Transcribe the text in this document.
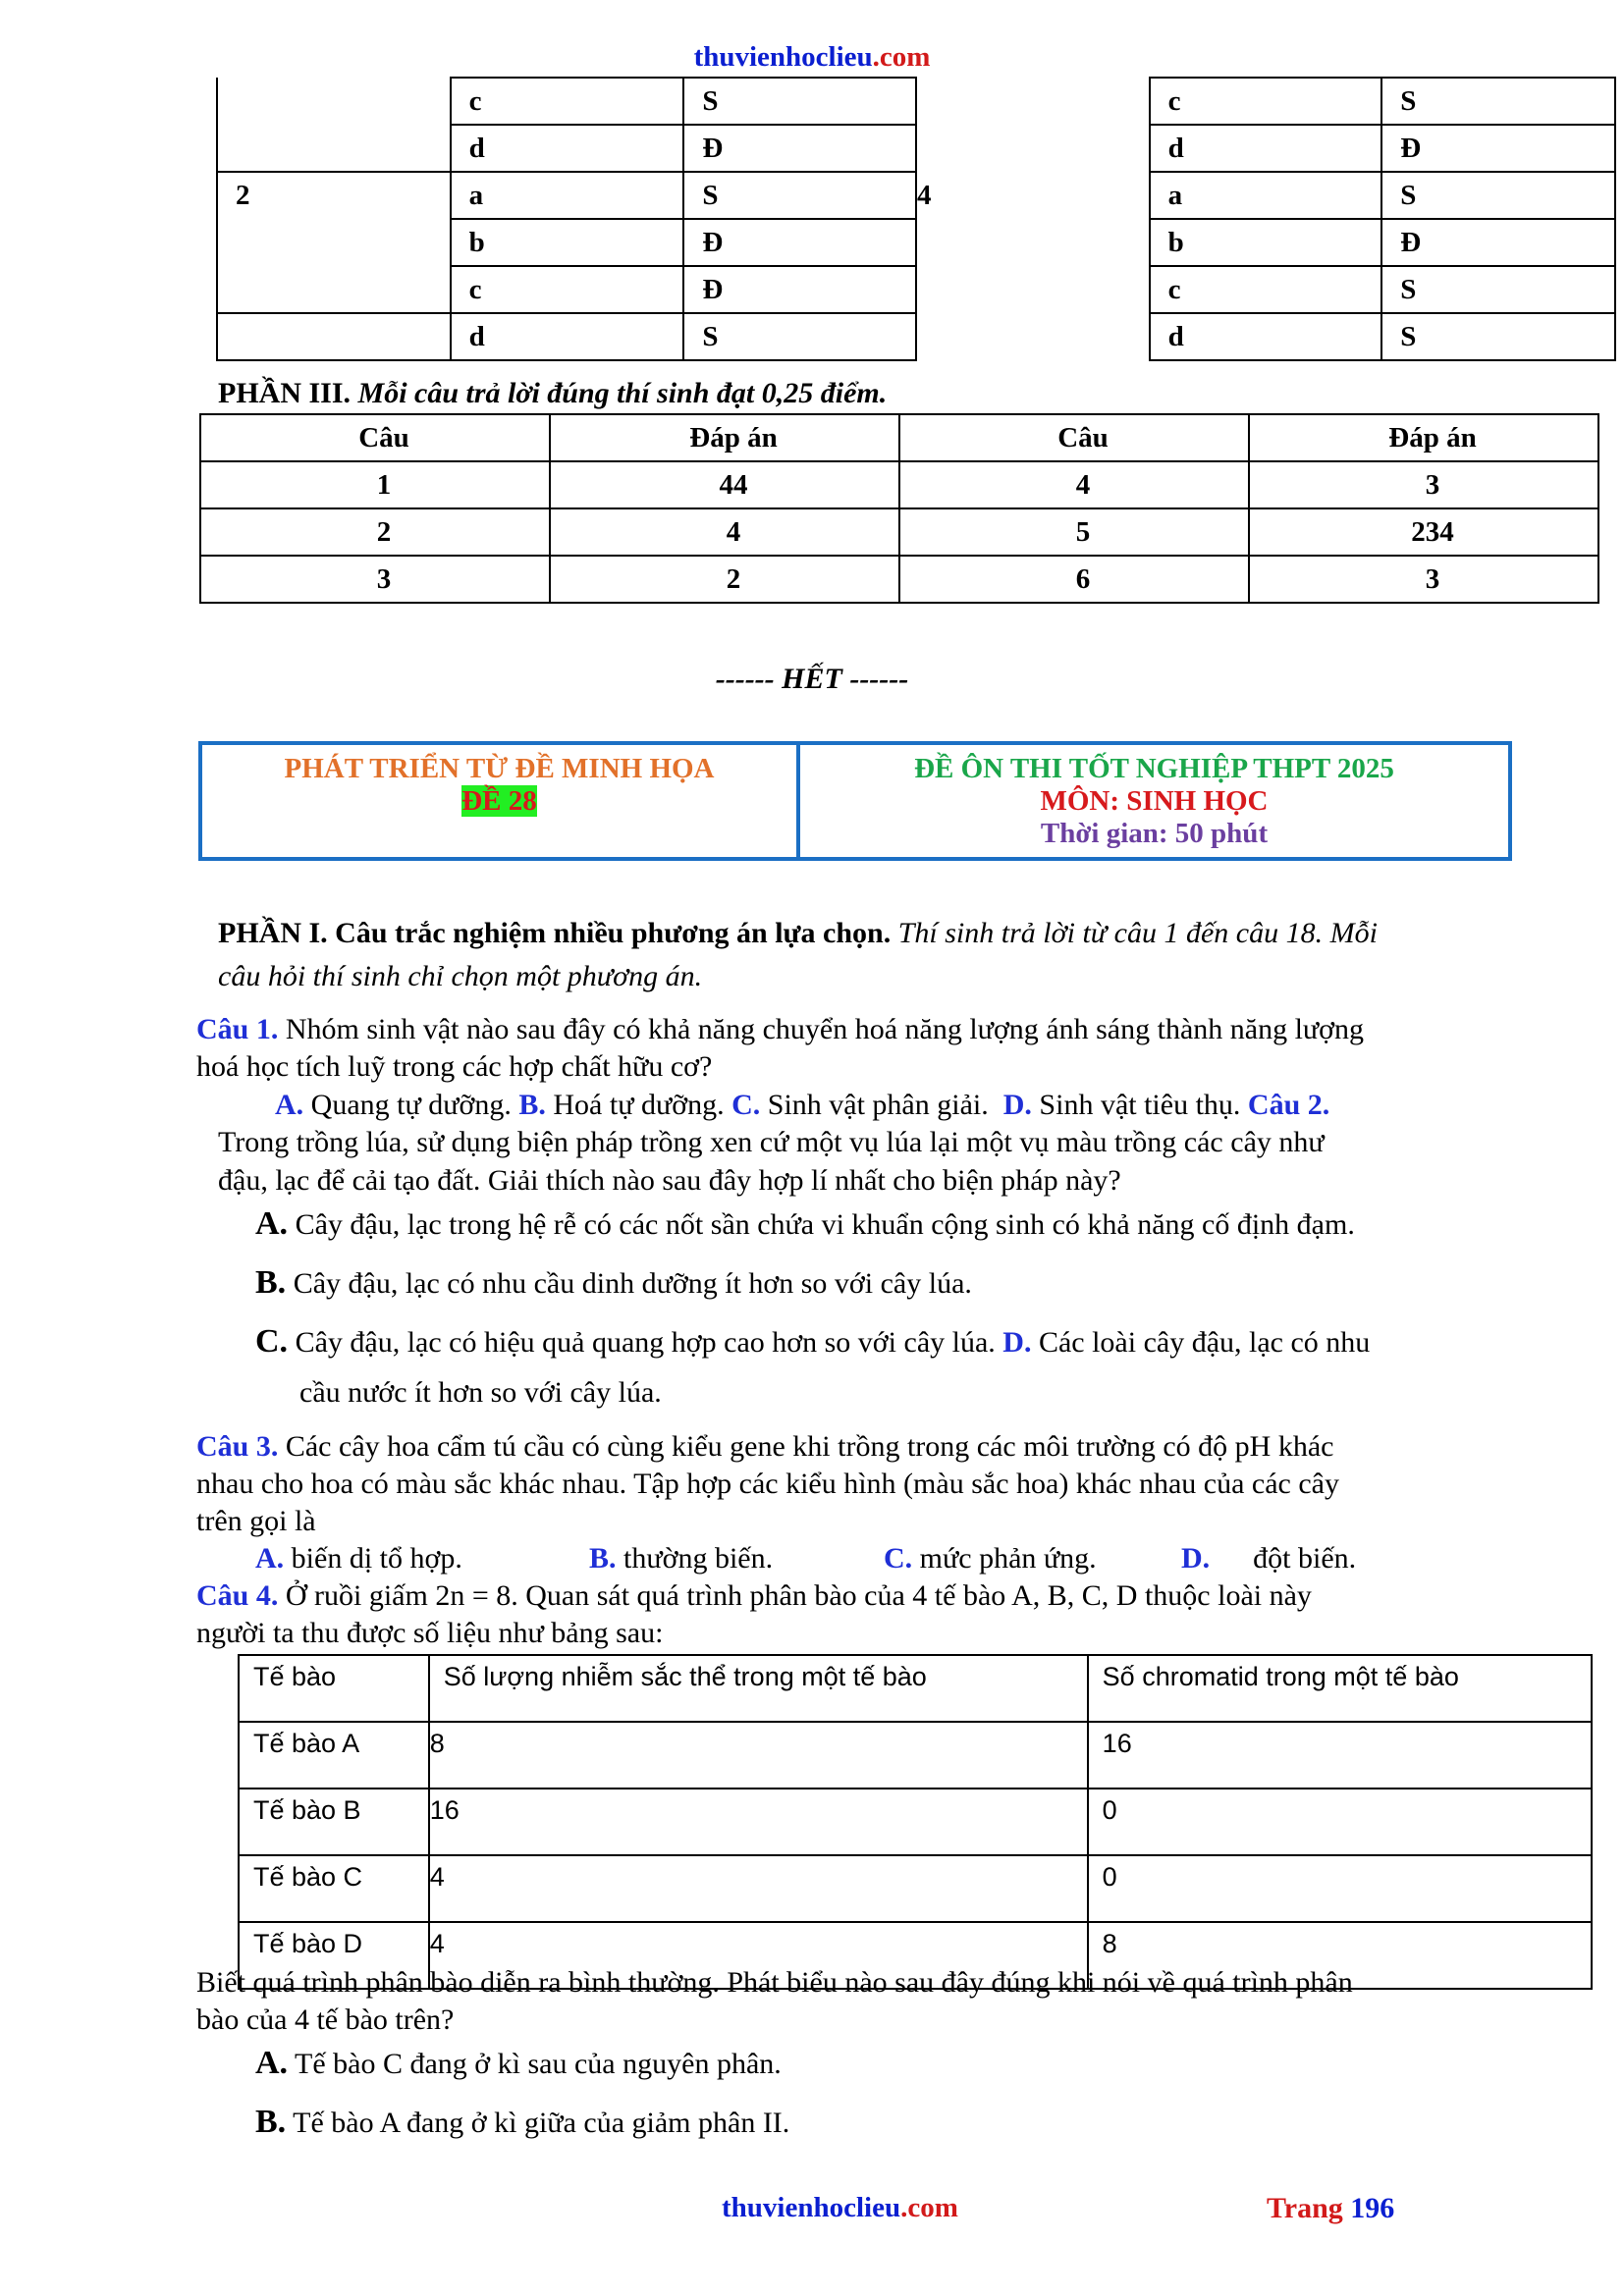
thuvienhoclieu.com
	c	S		c	S
	d	Đ		d	Đ
2	a	S	4	a	S
	b	Đ		b	Đ
	c	Đ		c	S
	d	S		d	S
PHẦN III. Mỗi câu trả lời đúng thí sinh đạt 0,25 điểm.
Câu	Đáp án	Câu	Đáp án
1	44	4	3
2	4	5	234
3	2	6	3
------ HẾT ------
PHÁT TRIỂN TỪ ĐỀ MINH HỌA
ĐỀ 28
ĐỀ ÔN THI TỐT NGHIỆP THPT 2025
MÔN: SINH HỌC
Thời gian: 50 phút
PHẦN I. Câu trắc nghiệm nhiều phương án lựa chọn. Thí sinh trả lời từ câu 1 đến câu 18. Mỗi
câu hỏi thí sinh chỉ chọn một phương án.
Câu 1. Nhóm sinh vật nào sau đây có khả năng chuyển hoá năng lượng ánh sáng thành năng lượng
hoá học tích luỹ trong các hợp chất hữu cơ?
A. Quang tự dưỡng. B. Hoá tự dưỡng. C. Sinh vật phân giải. D. Sinh vật tiêu thụ. Câu 2.
Trong trồng lúa, sử dụng biện pháp trồng xen cứ một vụ lúa lại một vụ màu trồng các cây như
đậu, lạc để cải tạo đất. Giải thích nào sau đây hợp lí nhất cho biện pháp này?
A. Cây đậu, lạc trong hệ rễ có các nốt sần chứa vi khuẩn cộng sinh có khả năng cố định đạm.
B. Cây đậu, lạc có nhu cầu dinh dưỡng ít hơn so với cây lúa.
C. Cây đậu, lạc có hiệu quả quang hợp cao hơn so với cây lúa. D. Các loài cây đậu, lạc có nhu
cầu nước ít hơn so với cây lúa.
Câu 3. Các cây hoa cẩm tú cầu có cùng kiểu gene khi trồng trong các môi trường có độ pH khác
nhau cho hoa có màu sắc khác nhau. Tập hợp các kiểu hình (màu sắc hoa) khác nhau của các cây
trên gọi là
A. biến dị tổ hợp.	B. thường biến.	C. mức phản ứng.	D. đột biến.
Câu 4. Ở ruồi giấm 2n = 8. Quan sát quá trình phân bào của 4 tế bào A, B, C, D thuộc loài này
người ta thu được số liệu như bảng sau:
Tế bào	Số lượng nhiễm sắc thể trong một tế bào	Số chromatid trong một tế bào
Tế bào A	8	16
Tế bào B	16	0
Tế bào C	4	0
Tế bào D	4	8
Biết quá trình phân bào diễn ra bình thường. Phát biểu nào sau đây đúng khi nói về quá trình phân
bào của 4 tế bào trên?
A. Tế bào C đang ở kì sau của nguyên phân.
B. Tế bào A đang ở kì giữa của giảm phân II.
thuvienhoclieu.com	Trang 196
